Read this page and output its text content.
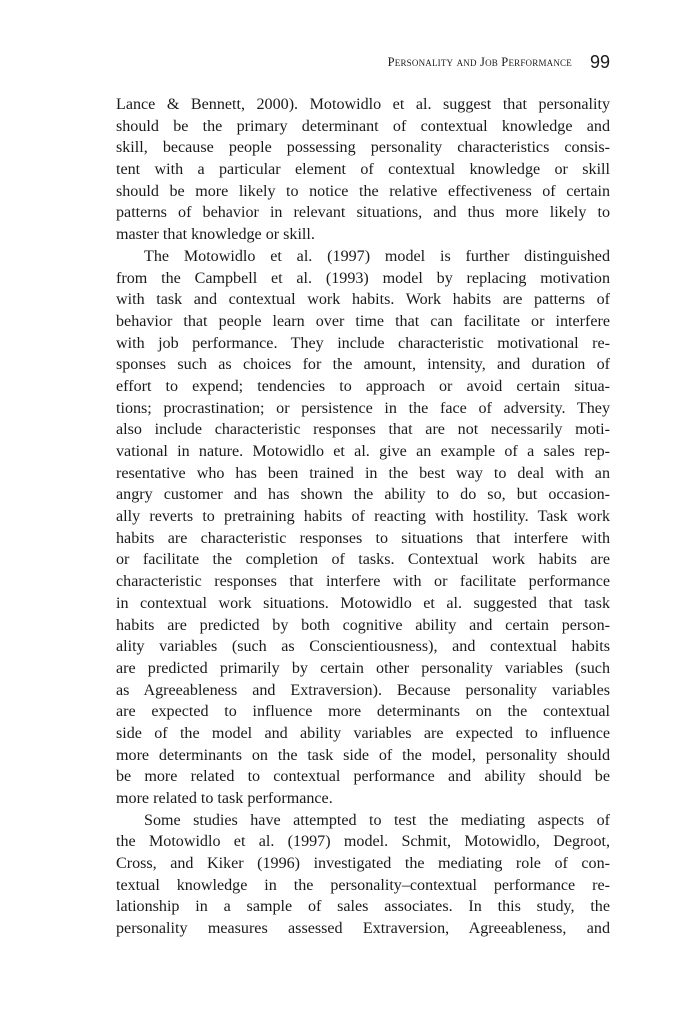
Personality and Job Performance 99
Lance & Bennett, 2000). Motowidlo et al. suggest that personality
should be the primary determinant of contextual knowledge and
skill, because people possessing personality characteristics consis-
tent with a particular element of contextual knowledge or skill
should be more likely to notice the relative effectiveness of certain
patterns of behavior in relevant situations, and thus more likely to
master that knowledge or skill.
The Motowidlo et al. (1997) model is further distinguished
from the Campbell et al. (1993) model by replacing motivation
with task and contextual work habits. Work habits are patterns of
behavior that people learn over time that can facilitate or interfere
with job performance. They include characteristic motivational re-
sponses such as choices for the amount, intensity, and duration of
effort to expend; tendencies to approach or avoid certain situa-
tions; procrastination; or persistence in the face of adversity. They
also include characteristic responses that are not necessarily moti-
vational in nature. Motowidlo et al. give an example of a sales rep-
resentative who has been trained in the best way to deal with an
angry customer and has shown the ability to do so, but occasion-
ally reverts to pretraining habits of reacting with hostility. Task work
habits are characteristic responses to situations that interfere with
or facilitate the completion of tasks. Contextual work habits are
characteristic responses that interfere with or facilitate performance
in contextual work situations. Motowidlo et al. suggested that task
habits are predicted by both cognitive ability and certain person-
ality variables (such as Conscientiousness), and contextual habits
are predicted primarily by certain other personality variables (such
as Agreeableness and Extraversion). Because personality variables
are expected to influence more determinants on the contextual
side of the model and ability variables are expected to influence
more determinants on the task side of the model, personality should
be more related to contextual performance and ability should be
more related to task performance.
Some studies have attempted to test the mediating aspects of
the Motowidlo et al. (1997) model. Schmit, Motowidlo, Degroot,
Cross, and Kiker (1996) investigated the mediating role of con-
textual knowledge in the personality–contextual performance re-
lationship in a sample of sales associates. In this study, the
personality measures assessed Extraversion, Agreeableness, and
